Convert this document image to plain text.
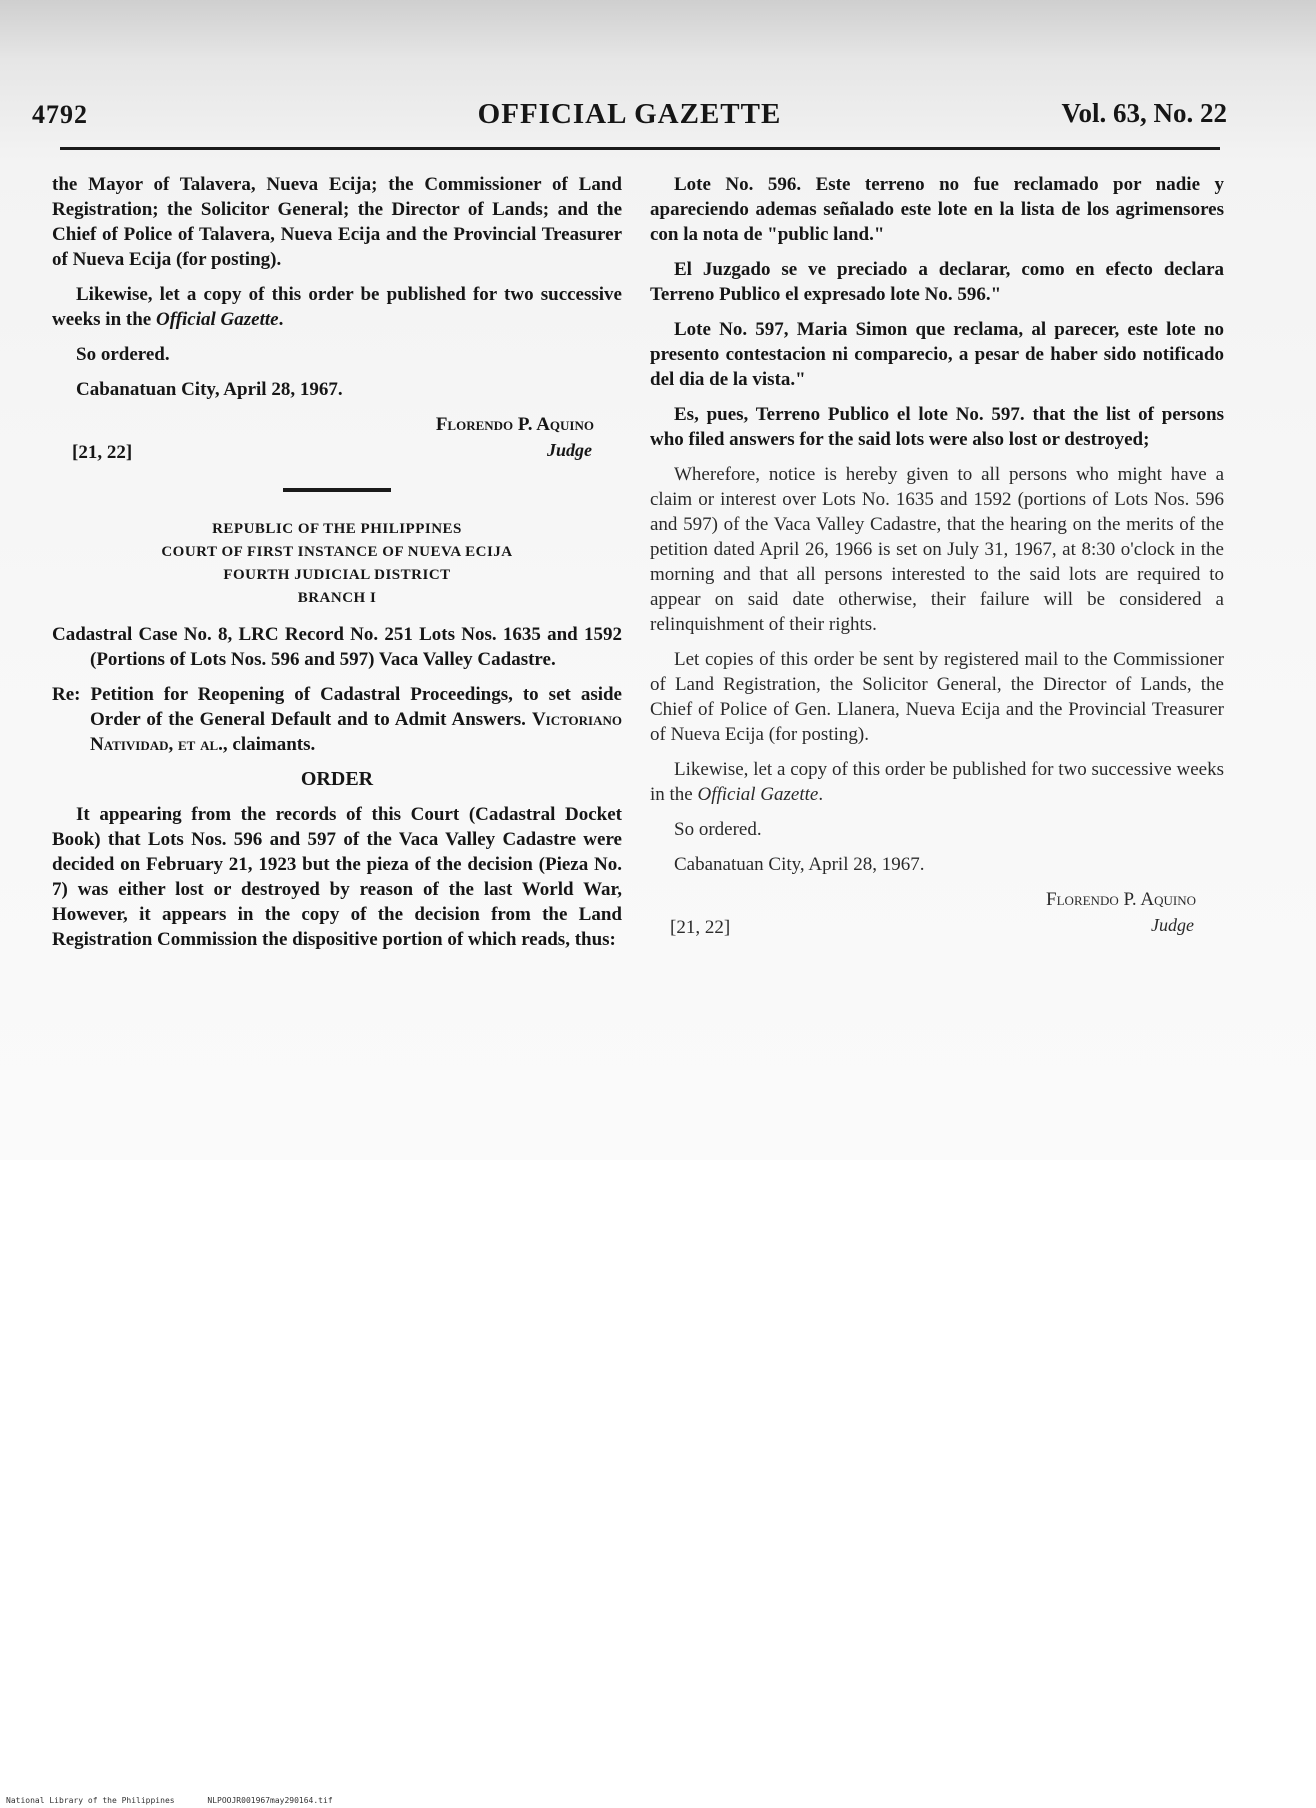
4792	OFFICIAL GAZETTE	Vol. 63, No. 22

the Mayor of Talavera, Nueva Ecija; the Commissioner of Land Registration; the Solicitor General; the Director of Lands; and the Chief of Police of Talavera, Nueva Ecija and the Provincial Treasurer of Nueva Ecija (for posting).

Likewise, let a copy of this order be published for two successive weeks in the Official Gazette.

So ordered.

Cabanatuan City, April 28, 1967.

Florendo P. Aquino
Judge
[21, 22]
REPUBLIC OF THE PHILIPPINES
COURT OF FIRST INSTANCE OF NUEVA ECIJA
FOURTH JUDICIAL DISTRICT
BRANCH I

Cadastral Case No. 8, LRC Record No. 251 Lots Nos. 1635 and 1592 (Portions of Lots Nos. 596 and 597) Vaca Valley Cadastre.

Re: Petition for Reopening of Cadastral Proceedings, to set aside Order of the General Default and to Admit Answers. Victoriano Natividad, et al., claimants.

ORDER

It appearing from the records of this Court (Cadastral Docket Book) that Lots Nos. 596 and 597 of the Vaca Valley Cadastre were decided on February 21, 1923 but the pieza of the decision (Pieza No. 7) was either lost or destroyed by reason of the last World War, However, it appears in the copy of the decision from the Land Registration Commission the dispositive portion of which reads, thus:

Lote No. 596. Este terreno no fue reclamado por nadie y apareciendo ademas señalado este lote en la lista de los agrimensores con la nota de "public land."

El Juzgado se ve preciado a declarar, como en efecto declara Terreno Publico el expresado lote No. 596."

Lote No. 597, Maria Simon que reclama, al parecer, este lote no presento contestacion ni comparecio, a pesar de haber sido notificado del dia de la vista."

Es, pues, Terreno Publico el lote No. 597. that the list of persons who filed answers for the said lots were also lost or destroyed;

Wherefore, notice is hereby given to all persons who might have a claim or interest over Lots No. 1635 and 1592 (portions of Lots Nos. 596 and 597) of the Vaca Valley Cadastre, that the hearing on the merits of the petition dated April 26, 1966 is set on July 31, 1967, at 8:30 o'clock in the morning and that all persons interested to the said lots are required to appear on said date otherwise, their failure will be considered a relinquishment of their rights.

Let copies of this order be sent by registered mail to the Commissioner of Land Registration, the Solicitor General, the Director of Lands, the Chief of Police of Gen. Llanera, Nueva Ecija and the Provincial Treasurer of Nueva Ecija (for posting).

Likewise, let a copy of this order be published for two successive weeks in the Official Gazette.

So ordered.

Cabanatuan City, April 28, 1967.

Florendo P. Aquino
Judge
[21, 22]
National Library of the Philippines	NLPOOJR001967may290164.tif
